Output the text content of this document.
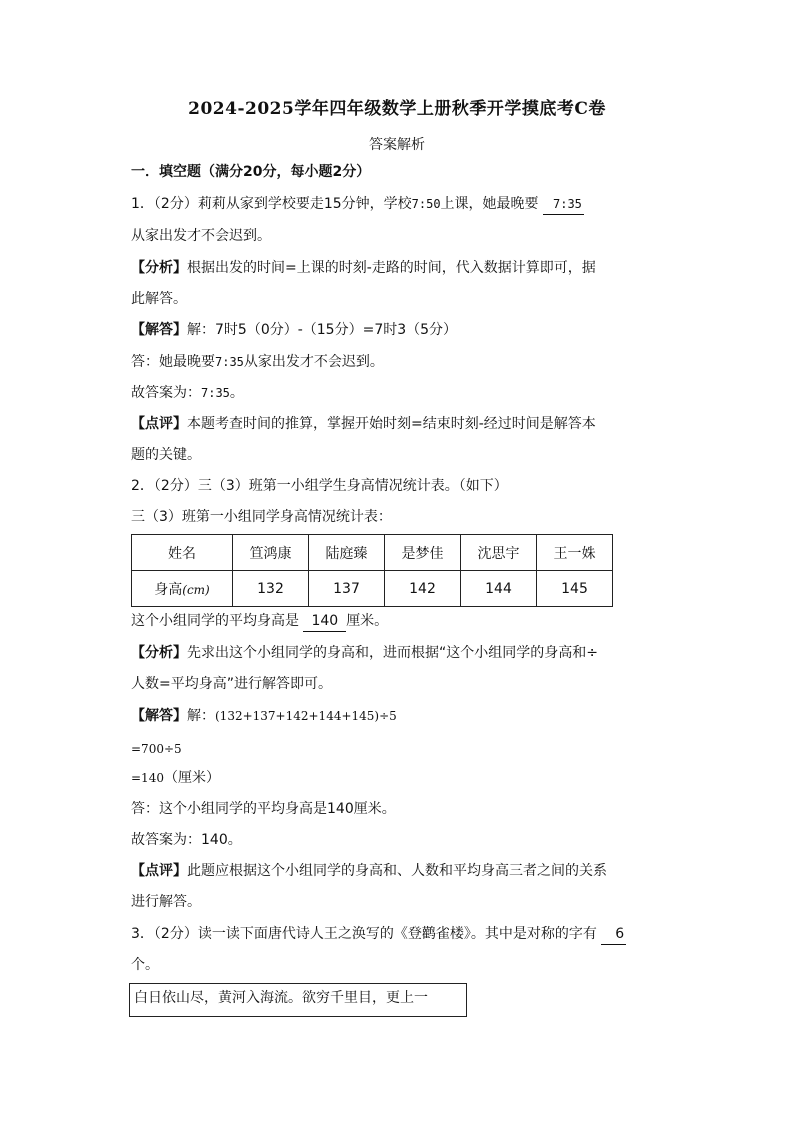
2024-2025学年四年级数学上册秋季开学摸底考C卷
答案解析
一．填空题（满分20分，每小题2分）
1．（2分）莉莉从家到学校要走15分钟，学校7:50上课，她最晚要 7:35
从家出发才不会迟到。
【分析】根据出发的时间=上课的时刻-走路的时间，代入数据计算即可，据
此解答。
【解答】解：7时5（0分）-（15分）=7时3（5分）
答：她最晚要7:35从家出发才不会迟到。
故答案为：7:35。
【点评】本题考查时间的推算，掌握开始时刻=结束时刻-经过时间是解答本
题的关键。
2．（2分）三（3）班第一小组学生身高情况统计表。（如下）
三（3）班第一小组同学身高情况统计表：
姓名	笪鸿康	陆庭臻	是梦佳	沈思宇	王一姝
身高(cm)	132	137	142	144	145
这个小组同学的平均身高是 140 厘米。
【分析】先求出这个小组同学的身高和，进而根据“这个小组同学的身高和÷
人数=平均身高”进行解答即可。
【解答】解：(132+137+142+144+145)÷5
=700÷5
=140（厘米）
答：这个小组同学的平均身高是140厘米。
故答案为：140。
【点评】此题应根据这个小组同学的身高和、人数和平均身高三者之间的关系
进行解答。
3．（2分）读一读下面唐代诗人王之涣写的《登鹳雀楼》。其中是对称的字有 6
个。
白日依山尽，黄河入海流。欲穷千里目，更上一
